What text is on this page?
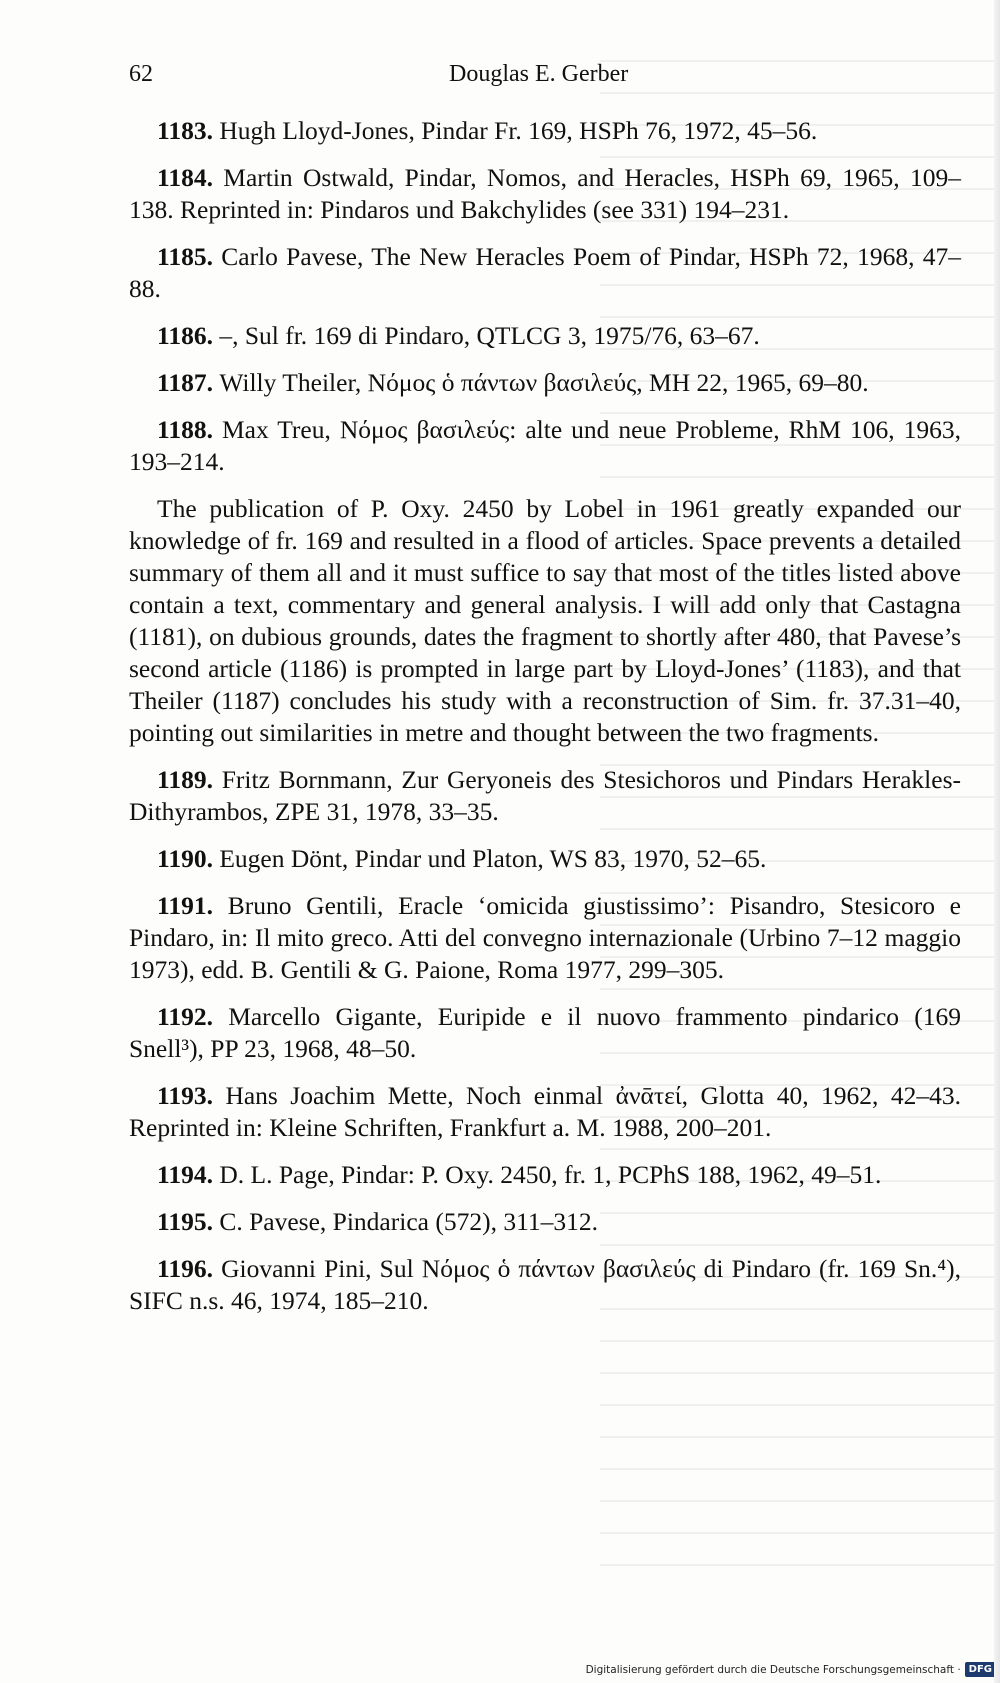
62	Douglas E. Gerber

1183 . Hugh Lloyd-Jones, Pindar Fr. 169, HSPh 76, 1972, 45–56.

1184 . Martin Ostwald, Pindar, Nomos, and Heracles, HSPh 69, 1965, 109–138. Reprinted in: Pindaros und Bakchylides (see 331) 194–231.

1185 . Carlo Pavese, The New Heracles Poem of Pindar, HSPh 72, 1968, 47–88.

1186 . –, Sul fr. 169 di Pindaro, QTLCG 3, 1975/76, 63–67.

1187 . Willy Theiler, Νόμος ὁ πάντων βασιλεύς, MH 22, 1965, 69–80.

1188 . Max Treu, Νόμος βασιλεύς: alte und neue Probleme, RhM 106, 1963, 193–214.

The publication of P. Oxy. 2450 by Lobel in 1961 greatly expanded our knowledge of fr. 169 and resulted in a flood of articles. Space prevents a detailed summary of them all and it must suffice to say that most of the titles listed above contain a text, commentary and general analysis. I will add only that Castagna (1181), on dubious grounds, dates the fragment to shortly after 480, that Pavese’s second article (1186) is prompted in large part by Lloyd-Jones’ (1183), and that Theiler (1187) concludes his study with a reconstruction of Sim. fr. 37.31–40, pointing out similarities in metre and thought between the two fragments.

1189 . Fritz Bornmann, Zur Geryoneis des Stesichoros und Pindars Herakles-Dithyrambos, ZPE 31, 1978, 33–35.

1190 . Eugen Dönt, Pindar und Platon, WS 83, 1970, 52–65.

1191 . Bruno Gentili, Eracle ‘omicida giustissimo’: Pisandro, Stesicoro e Pindaro, in: Il mito greco. Atti del convegno internazionale (Urbino 7–12 maggio 1973), edd. B. Gentili & G. Paione, Roma 1977, 299–305.

1192 . Marcello Gigante, Euripide e il nuovo frammento pindarico (169 Snell³), PP 23, 1968, 48–50.

1193 . Hans Joachim Mette, Noch einmal ἀνᾱτεί, Glotta 40, 1962, 42–43. Reprinted in: Kleine Schriften, Frankfurt a. M. 1988, 200–201.

1194 . D. L. Page, Pindar: P. Oxy. 2450, fr. 1, PCPhS 188, 1962, 49–51.

1195 . C. Pavese, Pindarica (572), 311–312.

1196 . Giovanni Pini, Sul Νόμος ὁ πάντων βασιλεύς di Pindaro (fr. 169 Sn.⁴), SIFC n.s. 46, 1974, 185–210.

Digitalisierung gefördert durch die Deutsche Forschungsgemeinschaft · DFG
